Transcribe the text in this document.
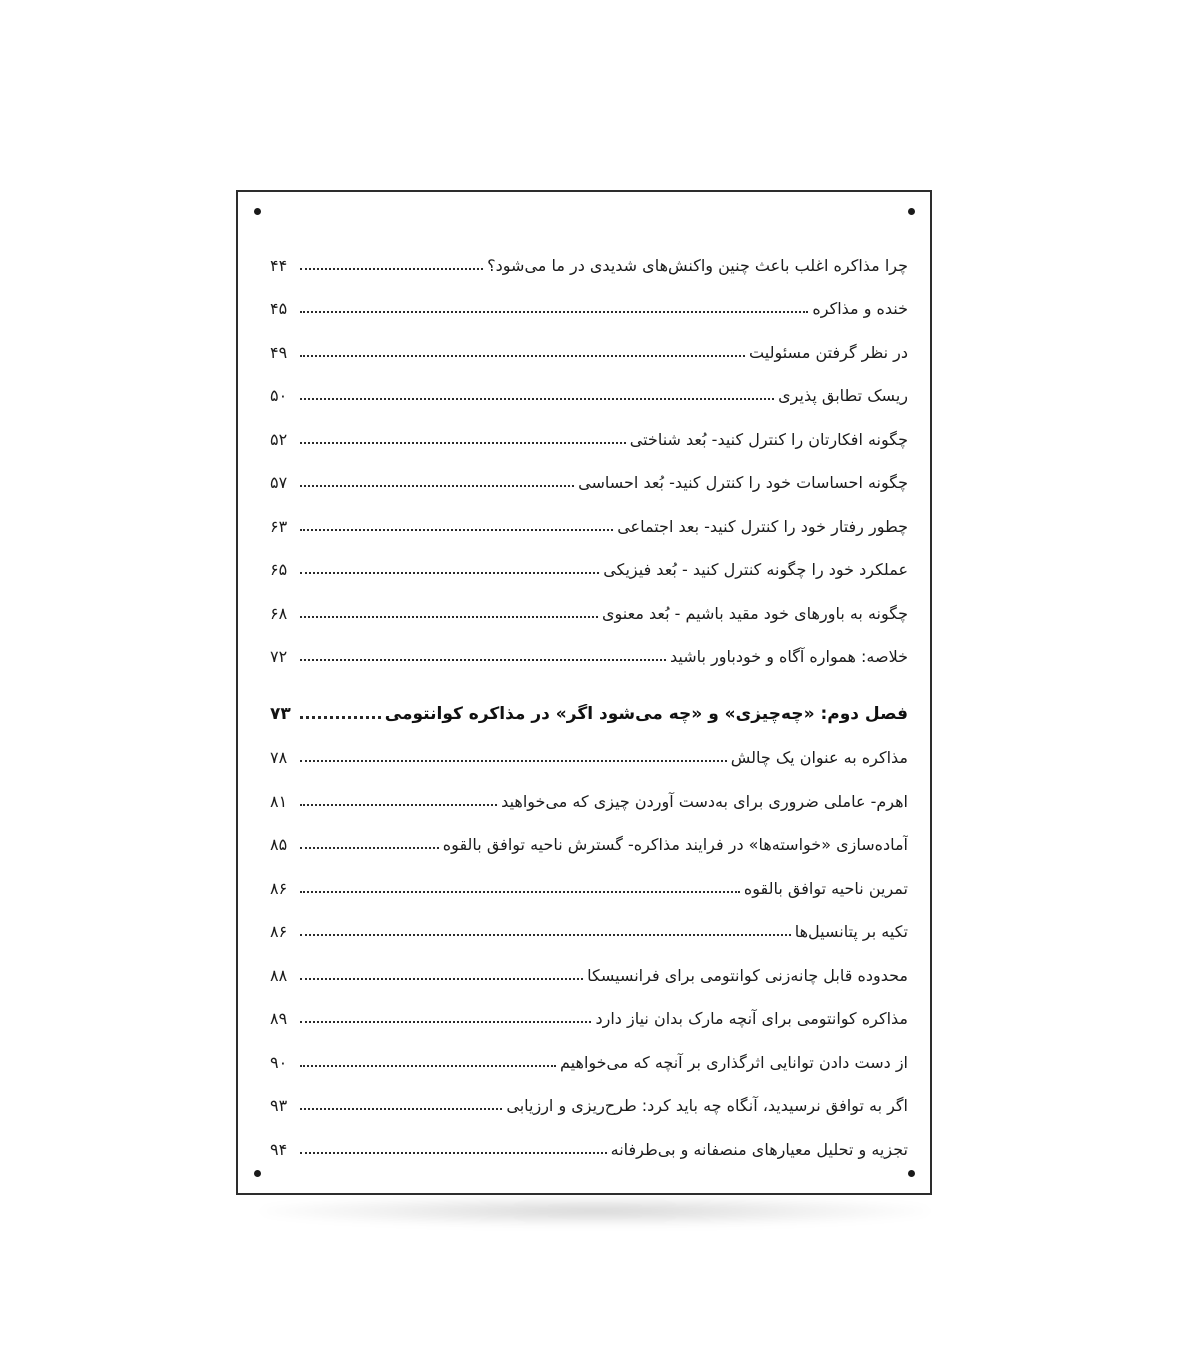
چرا مذاکره اغلب باعث چنین واکنش‌های شدیدی در ما می‌شود؟
۴۴
خنده و مذاکره
۴۵
در نظر گرفتن مسئولیت
۴۹
ریسک تطابق پذیری
۵۰
چگونه افکارتان را کنترل کنید- بُعد شناختی
۵۲
چگونه احساسات خود را کنترل کنید- بُعد احساسی
۵۷
چطور رفتار خود را کنترل کنید- بعد اجتماعی
۶۳
عملکرد خود را چگونه کنترل کنید - بُعد فیزیکی
۶۵
چگونه به باورهای خود مقید باشیم - بُعد معنوی
۶۸
خلاصه: همواره آگاه و خودباور باشید
۷۲
فصل دوم: «چه‌چیزی» و «چه می‌شود اگر» در مذاکره کوانتومی
۷۳
مذاکره به عنوان یک چالش
۷۸
اهرم- عاملی ضروری برای به‌دست آوردن چیزی که می‌خواهید
۸۱
آماده‌سازی «خواسته‌ها» در فرایند مذاکره- گسترش ناحیه توافق بالقوه
۸۵
تمرین ناحیه توافق بالقوه
۸۶
تکیه بر پتانسیل‌ها
۸۶
محدوده قابل چانه‌زنی کوانتومی برای فرانسیسکا
۸۸
مذاکره کوانتومی برای آنچه مارک بدان نیاز دارد
۸۹
از دست دادن توانایی اثرگذاری بر آنچه که می‌خواهیم
۹۰
اگر به توافق نرسیدید، آنگاه چه باید کرد: طرح‌ریزی و ارزیابی
۹۳
تجزیه و تحلیل معیارهای منصفانه و بی‌طرفانه
۹۴
